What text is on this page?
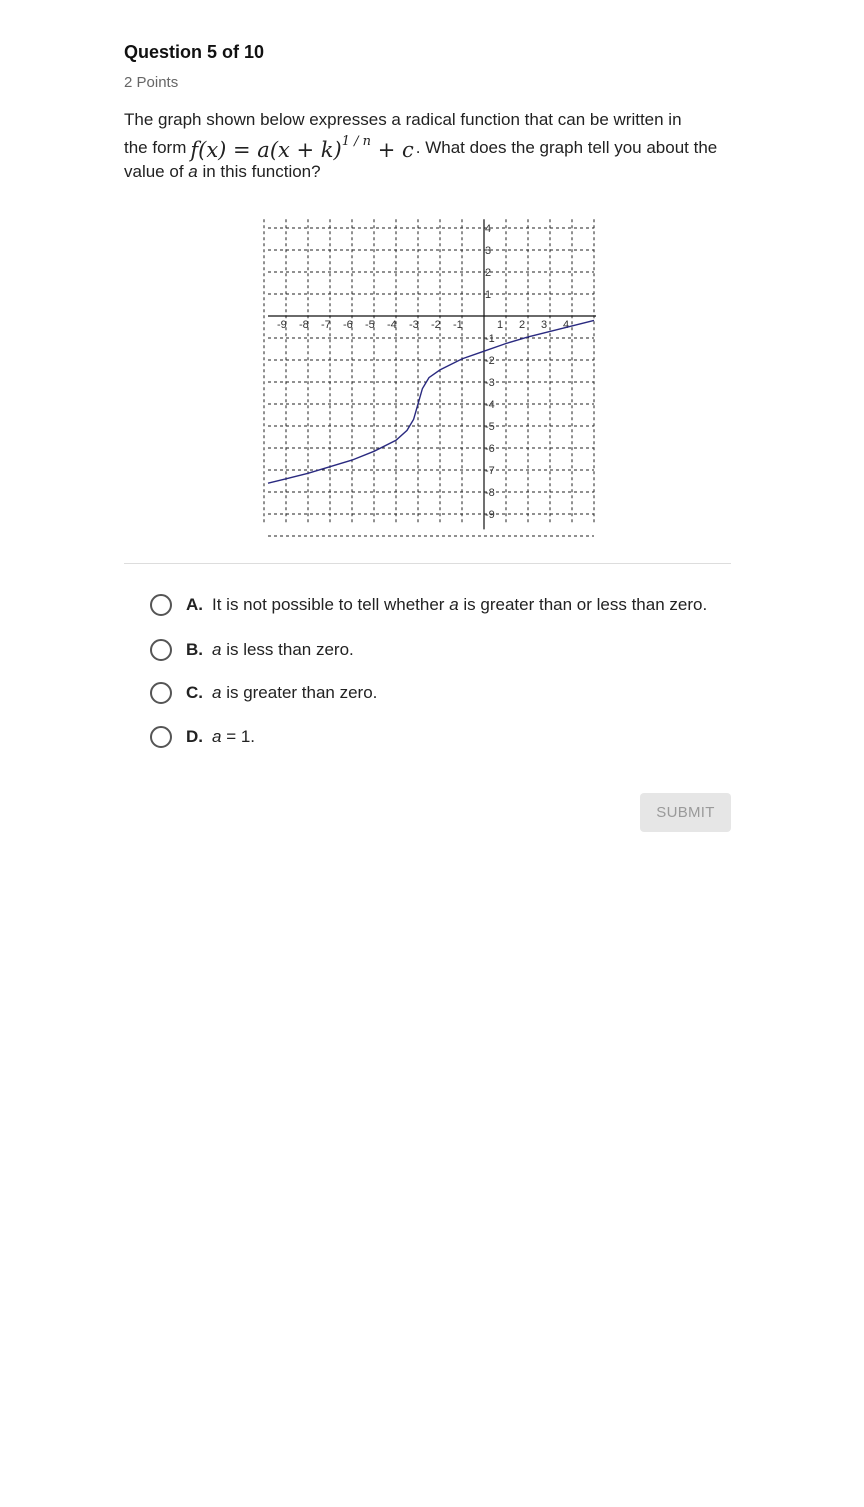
Question 5 of 10
2 Points
The graph shown below expresses a radical function that can be written in
the form $f(x) = a(x + k)^{1 / n} + c$ . What does the graph tell you about the
value of a in this function?
-9 -8 -7 -6 -5 -4 -3 -2 -1	1 2 3 4
4
3
2
1
-1
-2
-3
-4
-5
-6
-7
-8
-9
A. It is not possible to tell whether a is greater than or less than zero.
B. a is less than zero.
C. a is greater than zero.
D. a = 1.
SUBMIT
